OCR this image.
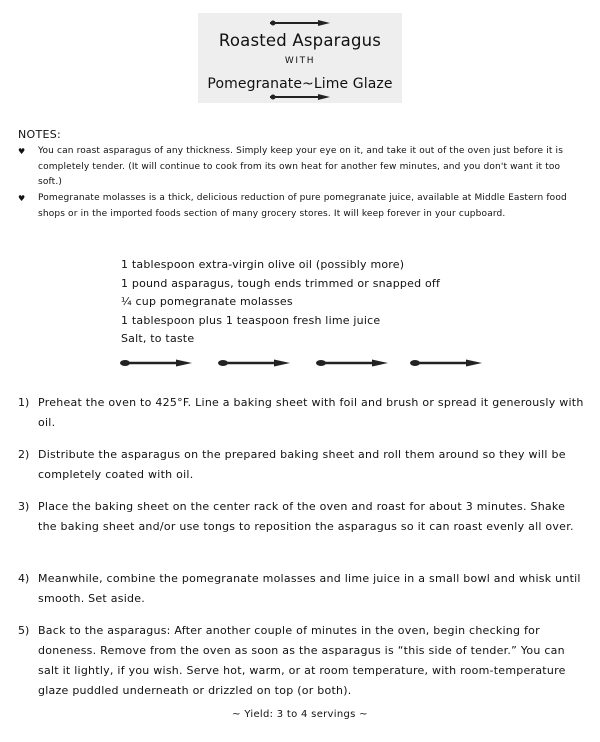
Roasted Asparagus
WITH
Pomegranate~Lime Glaze
NOTES:
♥ You can roast asparagus of any thickness. Simply keep your eye on it, and take it out of the oven just before it is completely tender. (It will continue to cook from its own heat for another few minutes, and you don't want it too soft.)
♥ Pomegranate molasses is a thick, delicious reduction of pure pomegranate juice, available at Middle Eastern food shops or in the imported foods section of many grocery stores. It will keep forever in your cupboard.
1 tablespoon extra-virgin olive oil (possibly more)
1 pound asparagus, tough ends trimmed or snapped off
¼ cup pomegranate molasses
1 tablespoon plus 1 teaspoon fresh lime juice
Salt, to taste
1) Preheat the oven to 425°F. Line a baking sheet with foil and brush or spread it generously with oil.
2) Distribute the asparagus on the prepared baking sheet and roll them around so they will be completely coated with oil.
3) Place the baking sheet on the center rack of the oven and roast for about 3 minutes. Shake the baking sheet and/or use tongs to reposition the asparagus so it can roast evenly all over.
4) Meanwhile, combine the pomegranate molasses and lime juice in a small bowl and whisk until smooth. Set aside.
5) Back to the asparagus: After another couple of minutes in the oven, begin checking for doneness. Remove from the oven as soon as the asparagus is “this side of tender.” You can salt it lightly, if you wish. Serve hot, warm, or at room temperature, with room-temperature glaze puddled underneath or drizzled on top (or both).
~ Yield: 3 to 4 servings ~
